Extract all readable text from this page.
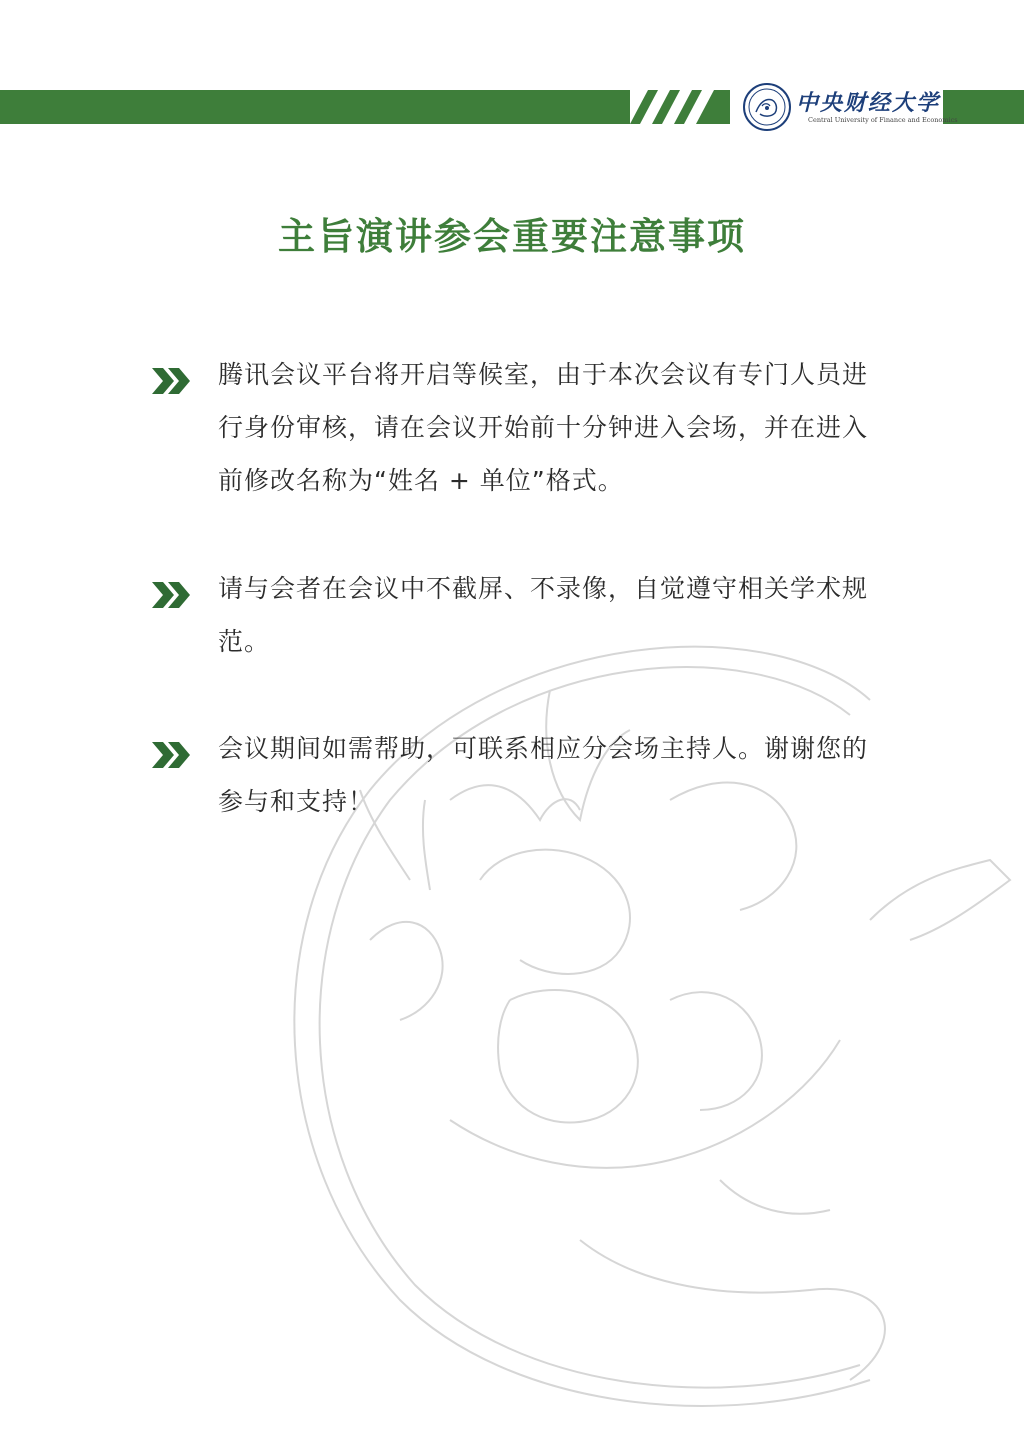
中央财经大学
Central University of Finance and Economics
主旨演讲参会重要注意事项

腾讯会议平台将开启等候室，由于本次会议有专门人员进行身份审核，请在会议开始前十分钟进入会场，并在进入前修改名称为“姓名 + 单位”格式。

请与会者在会议中不截屏、不录像，自觉遵守相关学术规范。

会议期间如需帮助，可联系相应分会场主持人。谢谢您的参与和支持！
